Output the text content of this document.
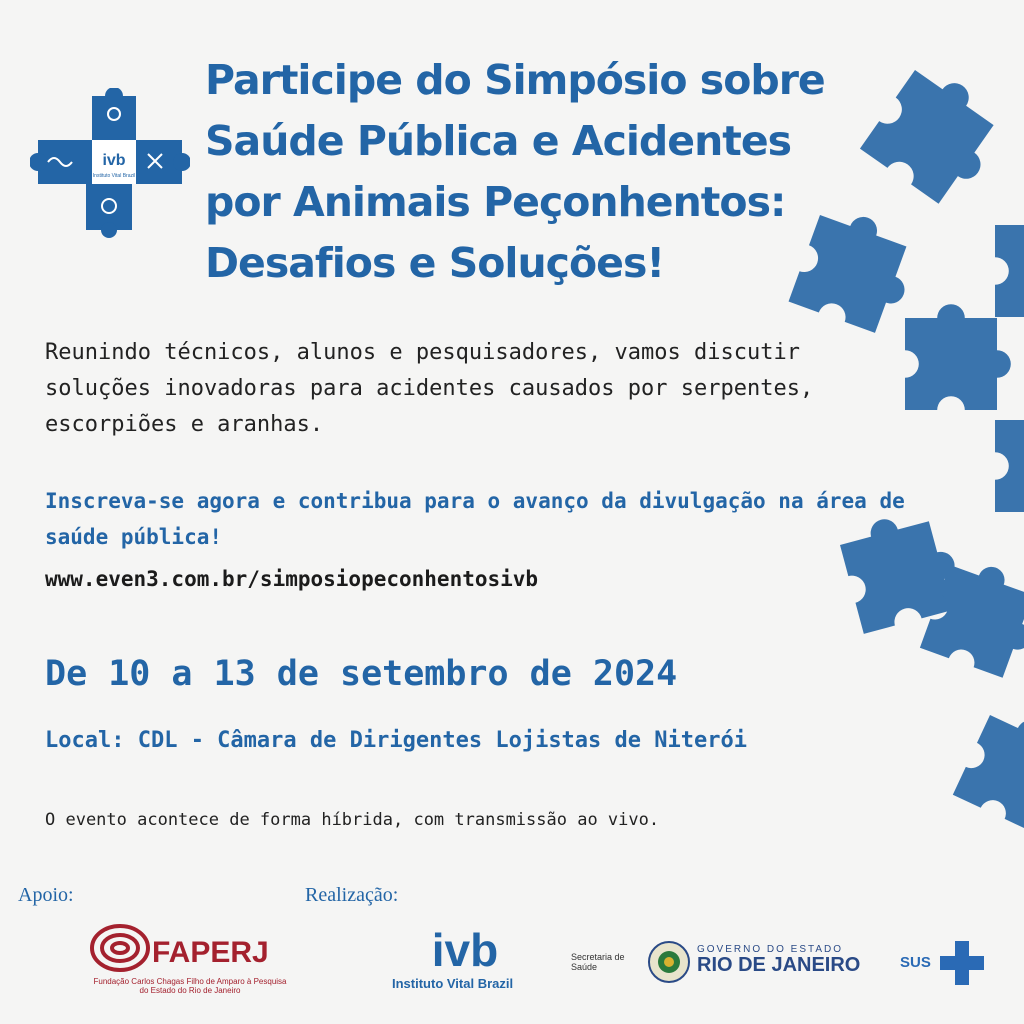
ivb
Instituto Vital Brazil
Participe do Simpósio sobre Saúde Pública e Acidentes por Animais Peçonhentos: Desafios e Soluções!
Reunindo técnicos, alunos e pesquisadores, vamos discutir soluções inovadoras para acidentes causados por serpentes, escorpiões e aranhas.
Inscreva-se agora e contribua para o avanço da divulgação na área de saúde pública!
www.even3.com.br/simposiopeconhentosivb
De 10 a 13 de setembro de 2024
Local: CDL - Câmara de Dirigentes Lojistas de Niterói
O evento acontece de forma híbrida, com transmissão ao vivo.
Apoio:	Realização:
FAPERJ
Fundação Carlos Chagas Filho de Amparo à Pesquisa do Estado do Rio de Janeiro
ivb
Instituto Vital Brazil
Secretaria de Saúde
GOVERNO DO ESTADO
RIO DE JANEIRO	SUS
